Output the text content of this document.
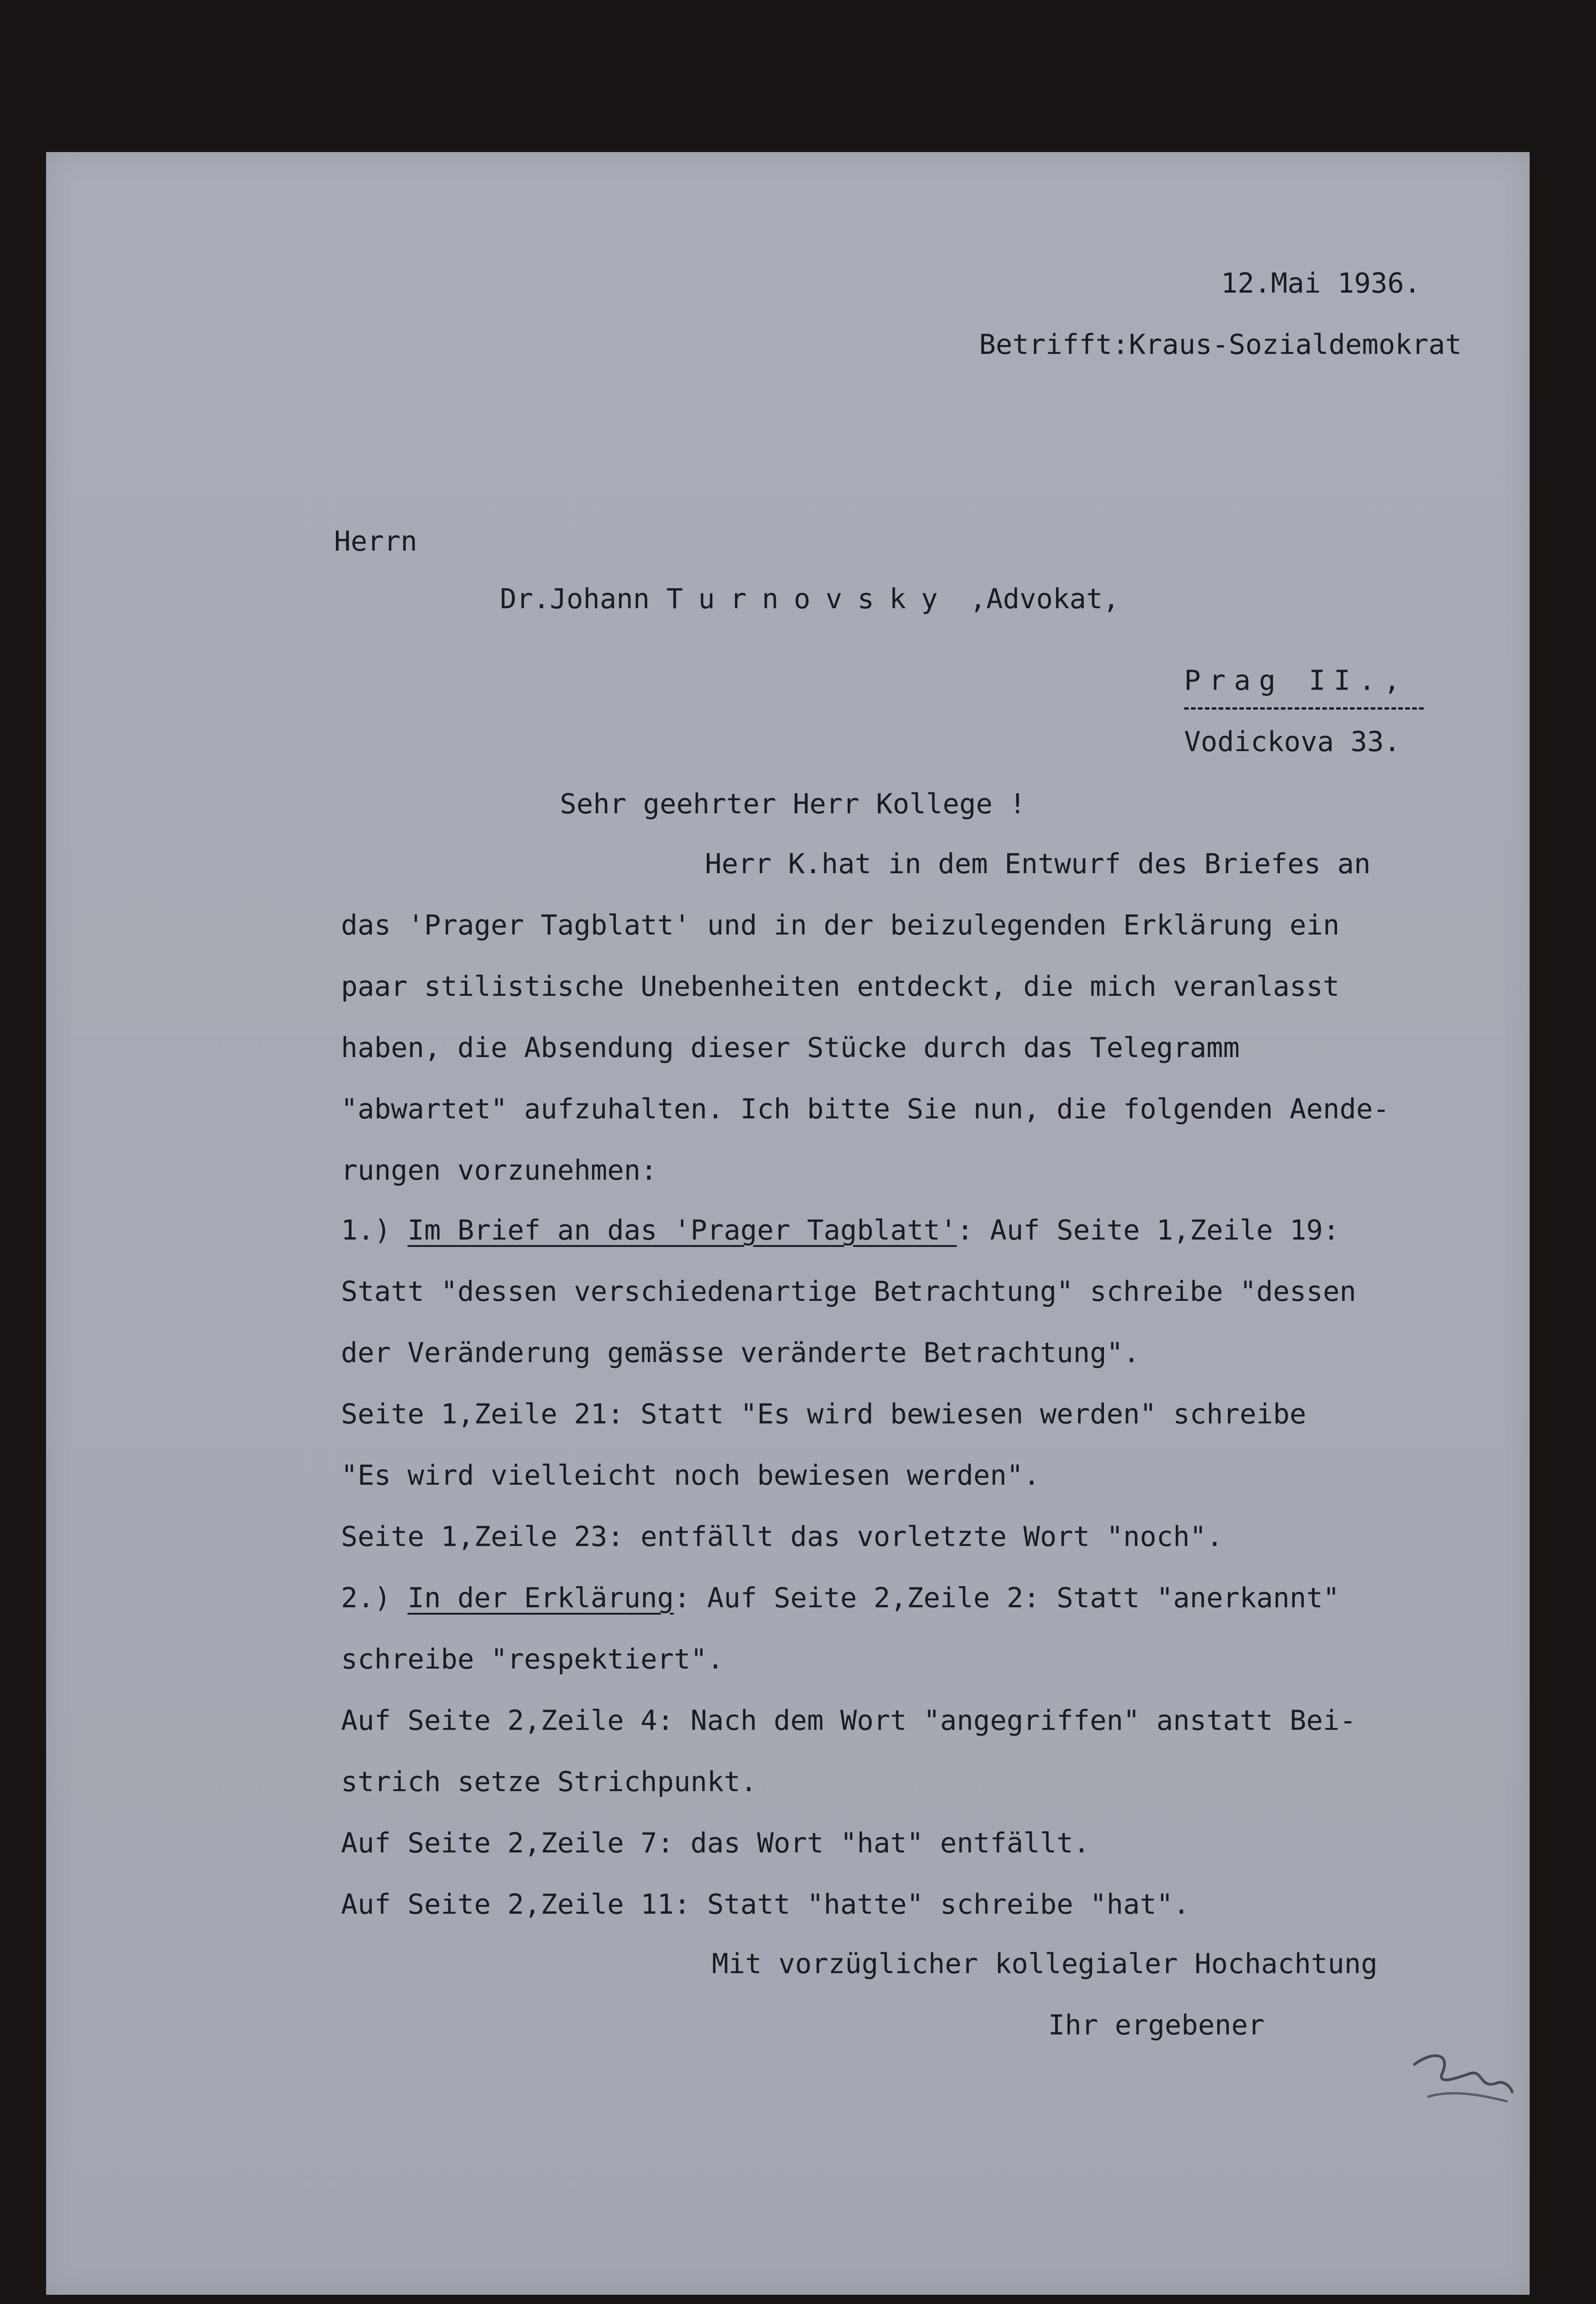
12.Mai 1936.

Betrifft:Kraus-Sozialdemokrat

Herrn

Dr.Johann Turnovsky ,Advokat,

Prag II.,

Vodickova 33.

Sehr geehrter Herr Kollege !

Herr K.hat in dem Entwurf des Briefes an

das 'Prager Tagblatt' und in der beizulegenden Erklärung ein

paar stilistische Unebenheiten entdeckt, die mich veranlasst

haben, die Absendung dieser Stücke durch das Telegramm

"abwartet" aufzuhalten. Ich bitte Sie nun, die folgenden Aende-

rungen vorzunehmen:

1.) Im Brief an das 'Prager Tagblatt': Auf Seite 1,Zeile 19:

Statt "dessen verschiedenartige Betrachtung" schreibe "dessen

der Veränderung gemässe veränderte Betrachtung".

Seite 1,Zeile 21: Statt "Es wird bewiesen werden" schreibe

"Es wird vielleicht noch bewiesen werden".

Seite 1,Zeile 23: entfällt das vorletzte Wort "noch".

2.) In der Erklärung: Auf Seite 2,Zeile 2: Statt "anerkannt"

schreibe "respektiert".

Auf Seite 2,Zeile 4: Nach dem Wort "angegriffen" anstatt Bei-

strich setze Strichpunkt.

Auf Seite 2,Zeile 7: das Wort "hat" entfällt.

Auf Seite 2,Zeile 11: Statt "hatte" schreibe "hat".

Mit vorzüglicher kollegialer Hochachtung

Ihr ergebener
